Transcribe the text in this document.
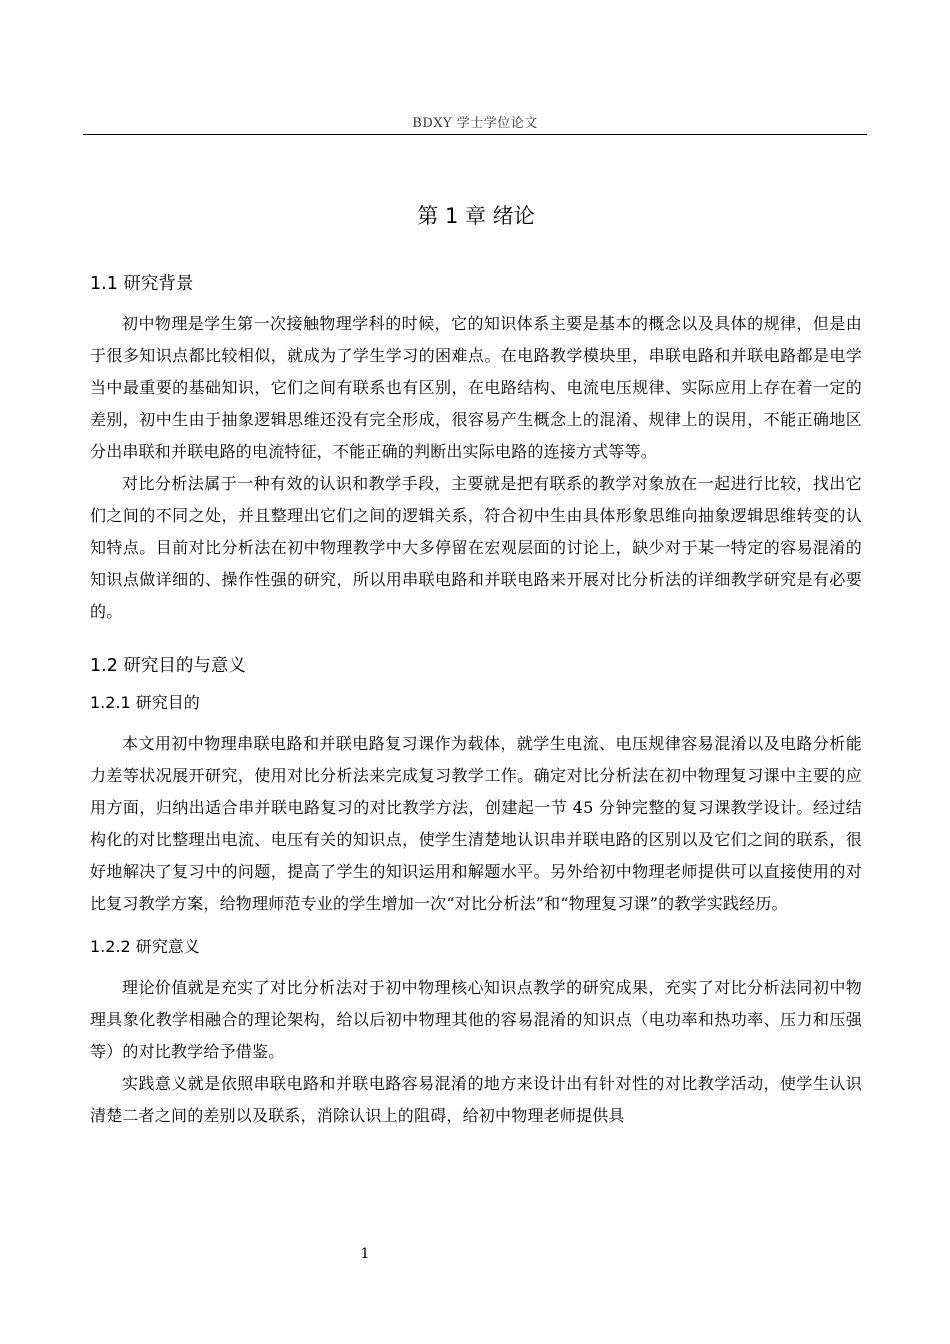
BDXY 学士学位论文
第 1 章 绪论
1.1 研究背景

初中物理是学生第一次接触物理学科的时候，它的知识体系主要是基本的概念以及具体的规律，但是由于很多知识点都比较相似，就成为了学生学习的困难点。在电路教学模块里，串联电路和并联电路都是电学当中最重要的基础知识，它们之间有联系也有区别，在电路结构、电流电压规律、实际应用上存在着一定的差别，初中生由于抽象逻辑思维还没有完全形成，很容易产生概念上的混淆、规律上的误用，不能正确地区分出串联和并联电路的电流特征，不能正确的判断出实际电路的连接方式等等。

对比分析法属于一种有效的认识和教学手段，主要就是把有联系的教学对象放在一起进行比较，找出它们之间的不同之处，并且整理出它们之间的逻辑关系，符合初中生由具体形象思维向抽象逻辑思维转变的认知特点。目前对比分析法在初中物理教学中大多停留在宏观层面的讨论上，缺少对于某一特定的容易混淆的知识点做详细的、操作性强的研究，所以用串联电路和并联电路来开展对比分析法的详细教学研究是有必要的。

1.2 研究目的与意义
1.2.1 研究目的

本文用初中物理串联电路和并联电路复习课作为载体，就学生电流、电压规律容易混淆以及电路分析能力差等状况展开研究，使用对比分析法来完成复习教学工作。确定对比分析法在初中物理复习课中主要的应用方面，归纳出适合串并联电路复习的对比教学方法，创建起一节 45 分钟完整的复习课教学设计。经过结构化的对比整理出电流、电压有关的知识点，使学生清楚地认识串并联电路的区别以及它们之间的联系，很好地解决了复习中的问题，提高了学生的知识运用和解题水平。另外给初中物理老师提供可以直接使用的对比复习教学方案，给物理师范专业的学生增加一次“对比分析法”和“物理复习课”的教学实践经历。

1.2.2 研究意义

理论价值就是充实了对比分析法对于初中物理核心知识点教学的研究成果，充实了对比分析法同初中物理具象化教学相融合的理论架构，给以后初中物理其他的容易混淆的知识点（电功率和热功率、压力和压强等）的对比教学给予借鉴。

实践意义就是依照串联电路和并联电路容易混淆的地方来设计出有针对性的对比教学活动，使学生认识清楚二者之间的差别以及联系，消除认识上的阻碍，给初中物理老师提供具

1
